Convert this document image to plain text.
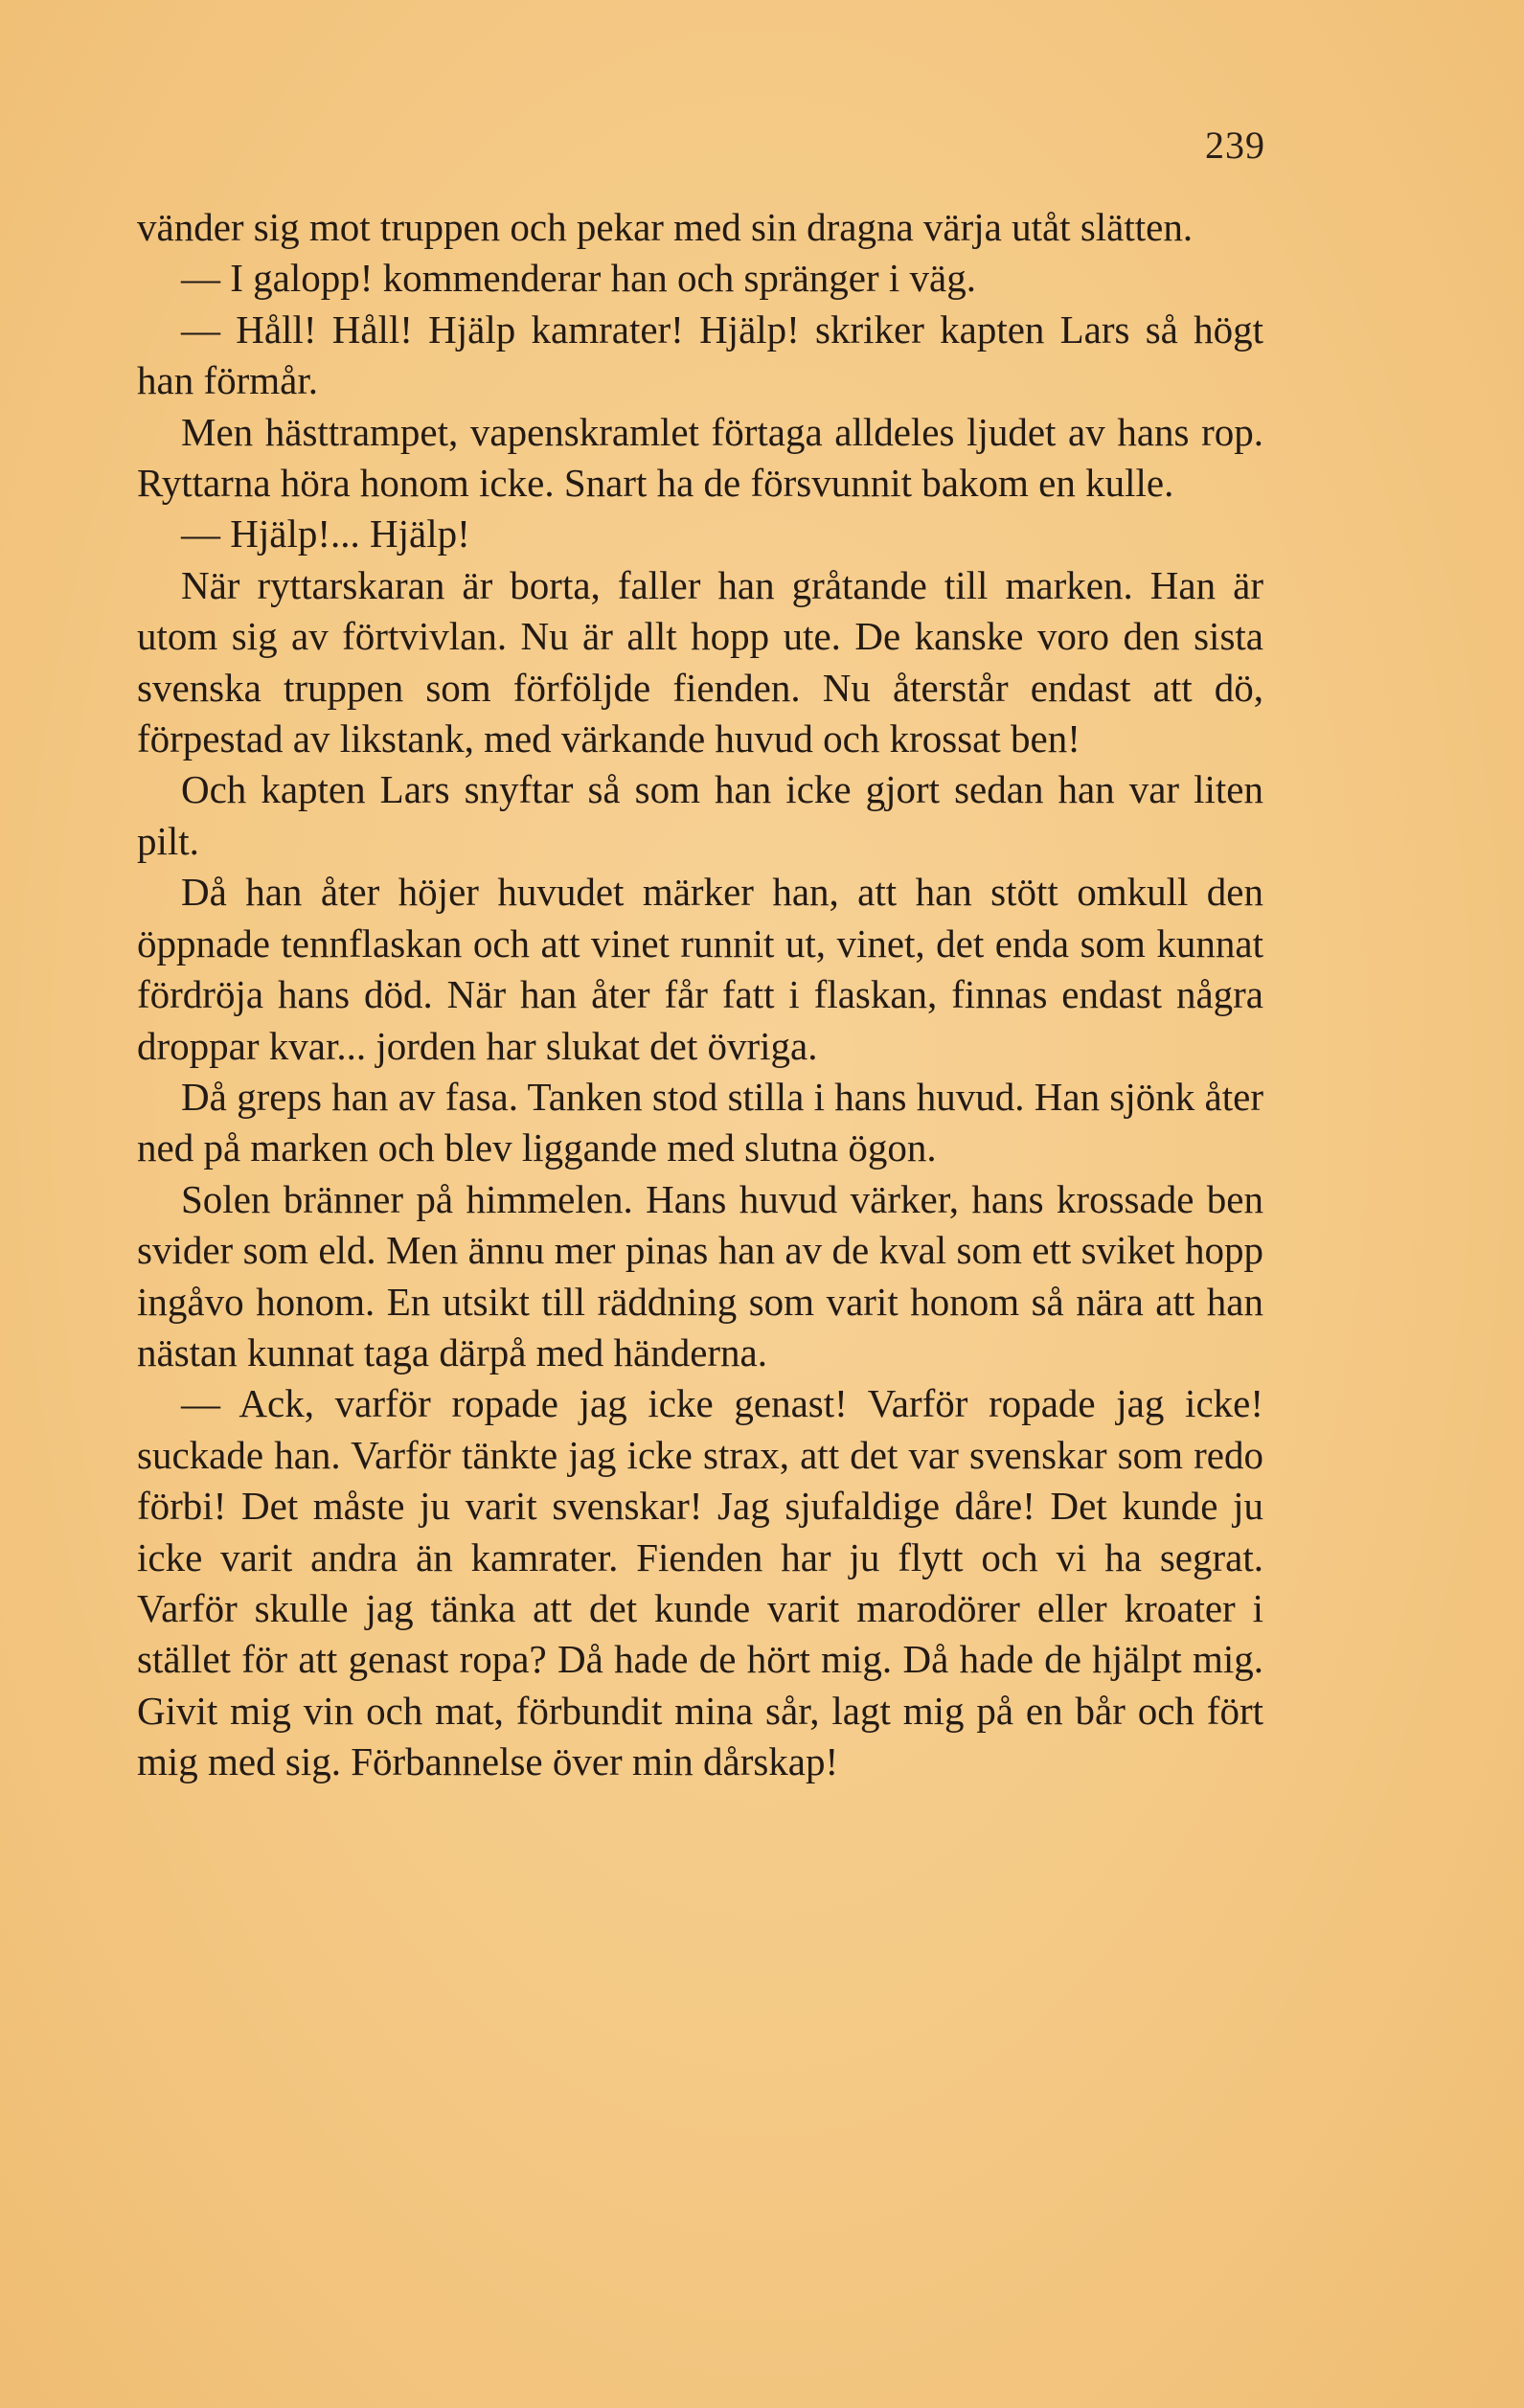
239

vänder sig mot truppen och pekar med sin dragna värja utåt slätten.

— I galopp! kommenderar han och spränger i väg.

— Håll! Håll! Hjälp kamrater! Hjälp! skriker kapten Lars så högt han förmår.

Men hästtrampet, vapenskramlet förtaga alldeles ljudet av hans rop. Ryttarna höra honom icke. Snart ha de försvunnit bakom en kulle.

— Hjälp!... Hjälp!

När ryttarskaran är borta, faller han gråtande till marken. Han är utom sig av förtvivlan. Nu är allt hopp ute. De kanske voro den sista svenska truppen som förföljde fienden. Nu återstår endast att dö, förpestad av likstank, med värkande huvud och krossat ben!

Och kapten Lars snyftar så som han icke gjort sedan han var liten pilt.

Då han åter höjer huvudet märker han, att han stött omkull den öppnade tennflaskan och att vinet runnit ut, vinet, det enda som kunnat fördröja hans död. När han åter får fatt i flaskan, finnas endast några droppar kvar... jorden har slukat det övriga.

Då greps han av fasa. Tanken stod stilla i hans huvud. Han sjönk åter ned på marken och blev liggande med slutna ögon.

Solen bränner på himmelen. Hans huvud värker, hans krossade ben svider som eld. Men ännu mer pinas han av de kval som ett sviket hopp ingåvo honom. En utsikt till räddning som varit honom så nära att han nästan kunnat taga därpå med händerna.

— Ack, varför ropade jag icke genast! Varför ropade jag icke! suckade han. Varför tänkte jag icke strax, att det var svenskar som redo förbi! Det måste ju varit svenskar! Jag sjufaldige dåre! Det kunde ju icke varit andra än kamrater. Fienden har ju flytt och vi ha segrat. Varför skulle jag tänka att det kunde varit marodörer eller kroater i stället för att genast ropa? Då hade de hört mig. Då hade de hjälpt mig. Givit mig vin och mat, förbundit mina sår, lagt mig på en bår och fört mig med sig. Förbannelse över min dårskap!
